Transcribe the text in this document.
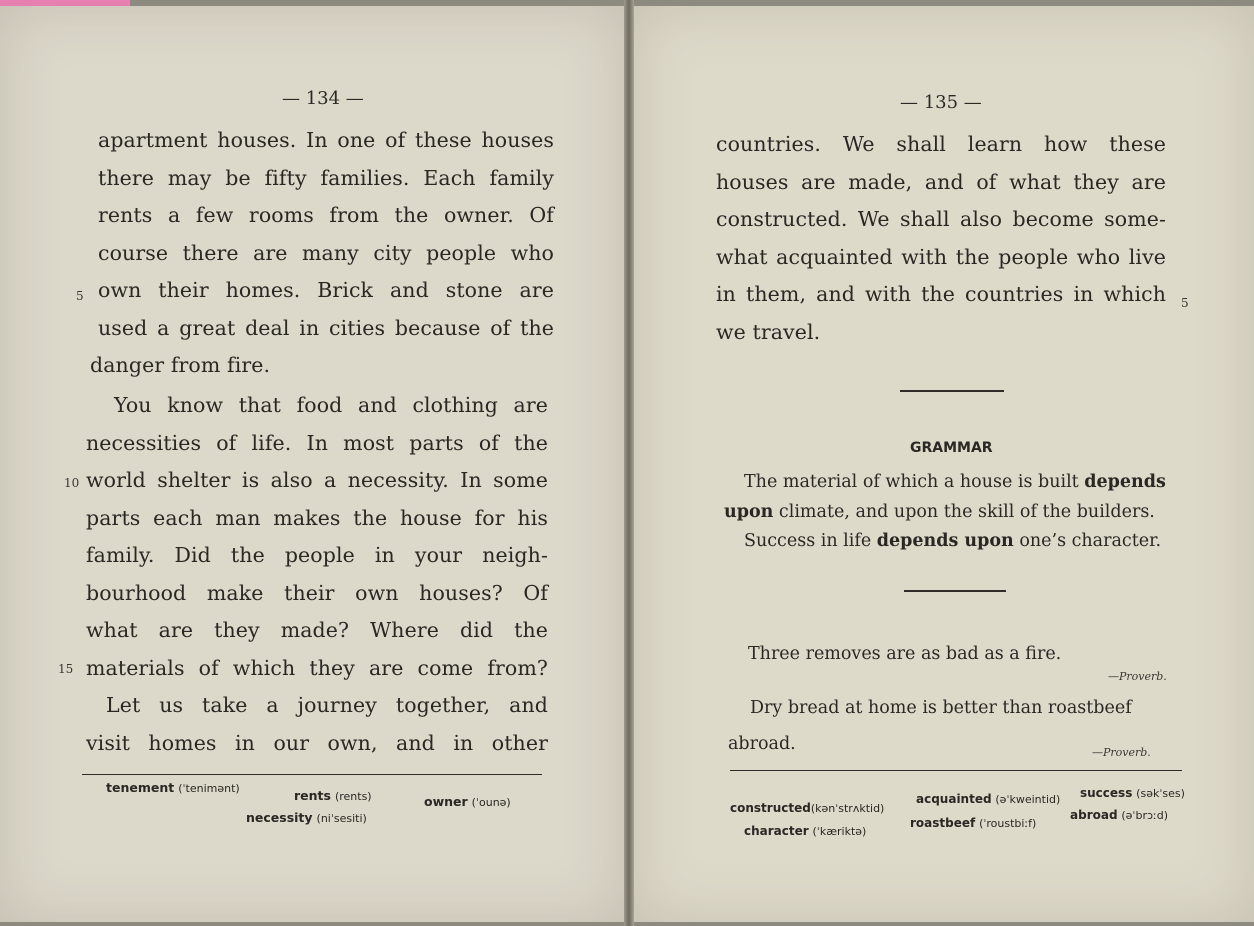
— 134 —
apartment houses. In one of these houses
there may be fifty families. Each family
rents a few rooms from the owner. Of
course there are many city people who
own their homes. Brick and stone are
used a great deal in cities because of the
danger from fire.
You know that food and clothing are
necessities of life. In most parts of the
world shelter is also a necessity. In some
parts each man makes the house for his
family. Did the people in your neigh-
bourhood make their own houses? Of
what are they made? Where did the
materials of which they are come from?
Let us take a journey together, and
visit homes in our own, and in other
5
10
15
tenement (ˈtenimənt)	rents (rents)	owner (ˈounə)
necessity (niˈsesiti)
— 135 —
countries. We shall learn how these
houses are made, and of what they are
constructed. We shall also become some-
what acquainted with the people who live
in them, and with the countries in which
we travel.
5
GRAMMAR
The material of which a house is built depends
upon climate, and upon the skill of the builders.
Success in life depends upon one’s character.
Three removes are as bad as a fire.
—Proverb.
Dry bread at home is better than roastbeef
abroad.	—Proverb.
constructed(kənˈstrʌktid)
acquainted (əˈkweintid) success (səkˈses)
character (ˈkæriktə)
roastbeef (ˈroustbiːf)
abroad (əˈbrɔːd)
